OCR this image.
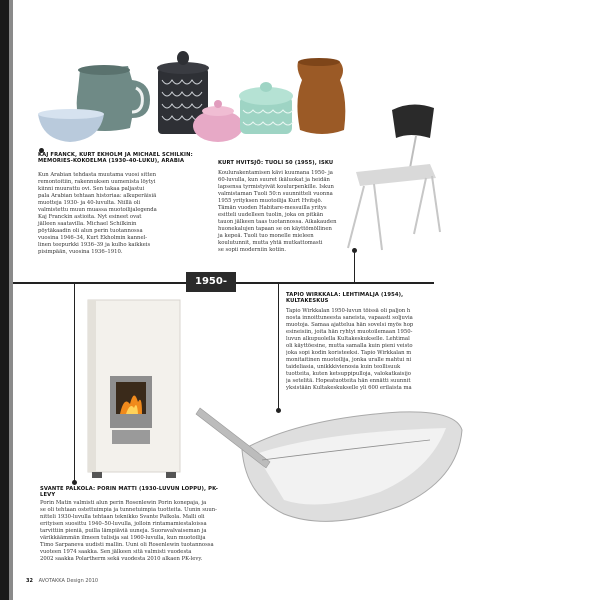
1950-luku
KAJ FRANCK, KURT EKHOLM JA MICHAEL SCHILKIN: MEMORIES-KOKOELMA (1930–40-LUKU), ARABIA
Kun Arabian tehdasta muutama vuosi sitten
remontoitiin, rakennuksen uumenista löytyi
kiinni muurattu ovi. Sen takaa paljastui
pala Arabian tehtaan historiaa: alkuperäisiä
muotteja 1930- ja 40-luvulta. Niillä oli
valmistettu muun muassa muotoilijalegenda
Kaj Franckin astioita. Nyt esineet ovat
jälleen saatavilla. Michael Schilkinin
pöytäkaadin oli alun perin tuotannossa
vuosina 1946–34, Kurt Ekholmin kannel-
linen teepurkki 1936–39 ja kulho kaikkeis
pisimpään, vuosina 1936–1910.
KURT HVITSJÖ: TUOLI 50 (1955), ISKU
Koulurakentamisen kävi kuumana 1950- ja
60-luvulla, kun suuret ikäluokat ja heidän
lapsensa tyrmistyivät koulurpenkille. Iskun
valmistaman Tuoli 50:n suunnitteli vuonna
1955 yrityksen muotoilija Kurt Hvitsjö.
Tämän vuoden Habitare-messuilla yritys
esitteli uudelleen tuolin, joka on pitkän
tauon jälkeen taas tuotannossa. Aikakauden
huonekalujen tapaan se on käyttömöllinen
ja kepeä. Tuoli tuo monelle mieleen
koulutunnit, mutta yhtä mutkattomasti
se sopii moderniin kotiin.
TAPIO WIRKKALA: LEHTIMALJA (1954), KULTAKESKUS
Tapio Wirkkalan 1950-luvun töissä oli paljon h
nosta innoittuneesta saneista, vapaasti soljuvia
muotoja. Samaa ajattelua hän sovelsi myös hop
esineisiin, joita hän ryhtyi muotoilemaan 1950-
luvun alkupuolella Kultakeskukselle. Lehtimal
oli käyttöesine, mutta samalla kuin pieni veisto
joka sopi kodin koristeeksi. Tapio Wirkkalan m
monitaitinen muotoilija, jonka uralle mahtui ni
taideliasia, unikkkivienosia kuin teollisuuk
tuotteita, kuten ketsuppipulloja, valokatkaisijo
ja setelitä. Hopeatuotteita hän ennätti suunnit
yksistään Kultakeskukselle yli 600 erilaista ma
SVANTE PALKOLA: PORIN MATTI (1930-LUVUN LOPPU), PK-LEVY
Porin Matin valmisti alun perin Rosenlewin Porin konepaja, ja
se oli tehtaan ostettuimpia ja tunnetuimpia tuotteita. Uunin suun-
nitteli 1930-luvulla tehtaan teknikko Svante Palkola. Malli oli
erityisen suosittu 1940–50-luvulla, jolloin rintamamiestaloissa
tarvittiin pieniä, puilla lämpiäviä uuneja. Suoravalvaiseman ja
värikkäämmän ilmeen tulisija sai 1960-luvulla, kun muotoilija
Timo Sarpaneva uudisti mallin. Uuni oli Rosenlewin tuotannossa
vuoteen 1974 saakka. Sen jälkeen sitä valmisti vuodesta
2002 saakka Polartherm sekä vuodesta 2010 alkaen PK-levy.
32 AVOTAKKA Design 2010
